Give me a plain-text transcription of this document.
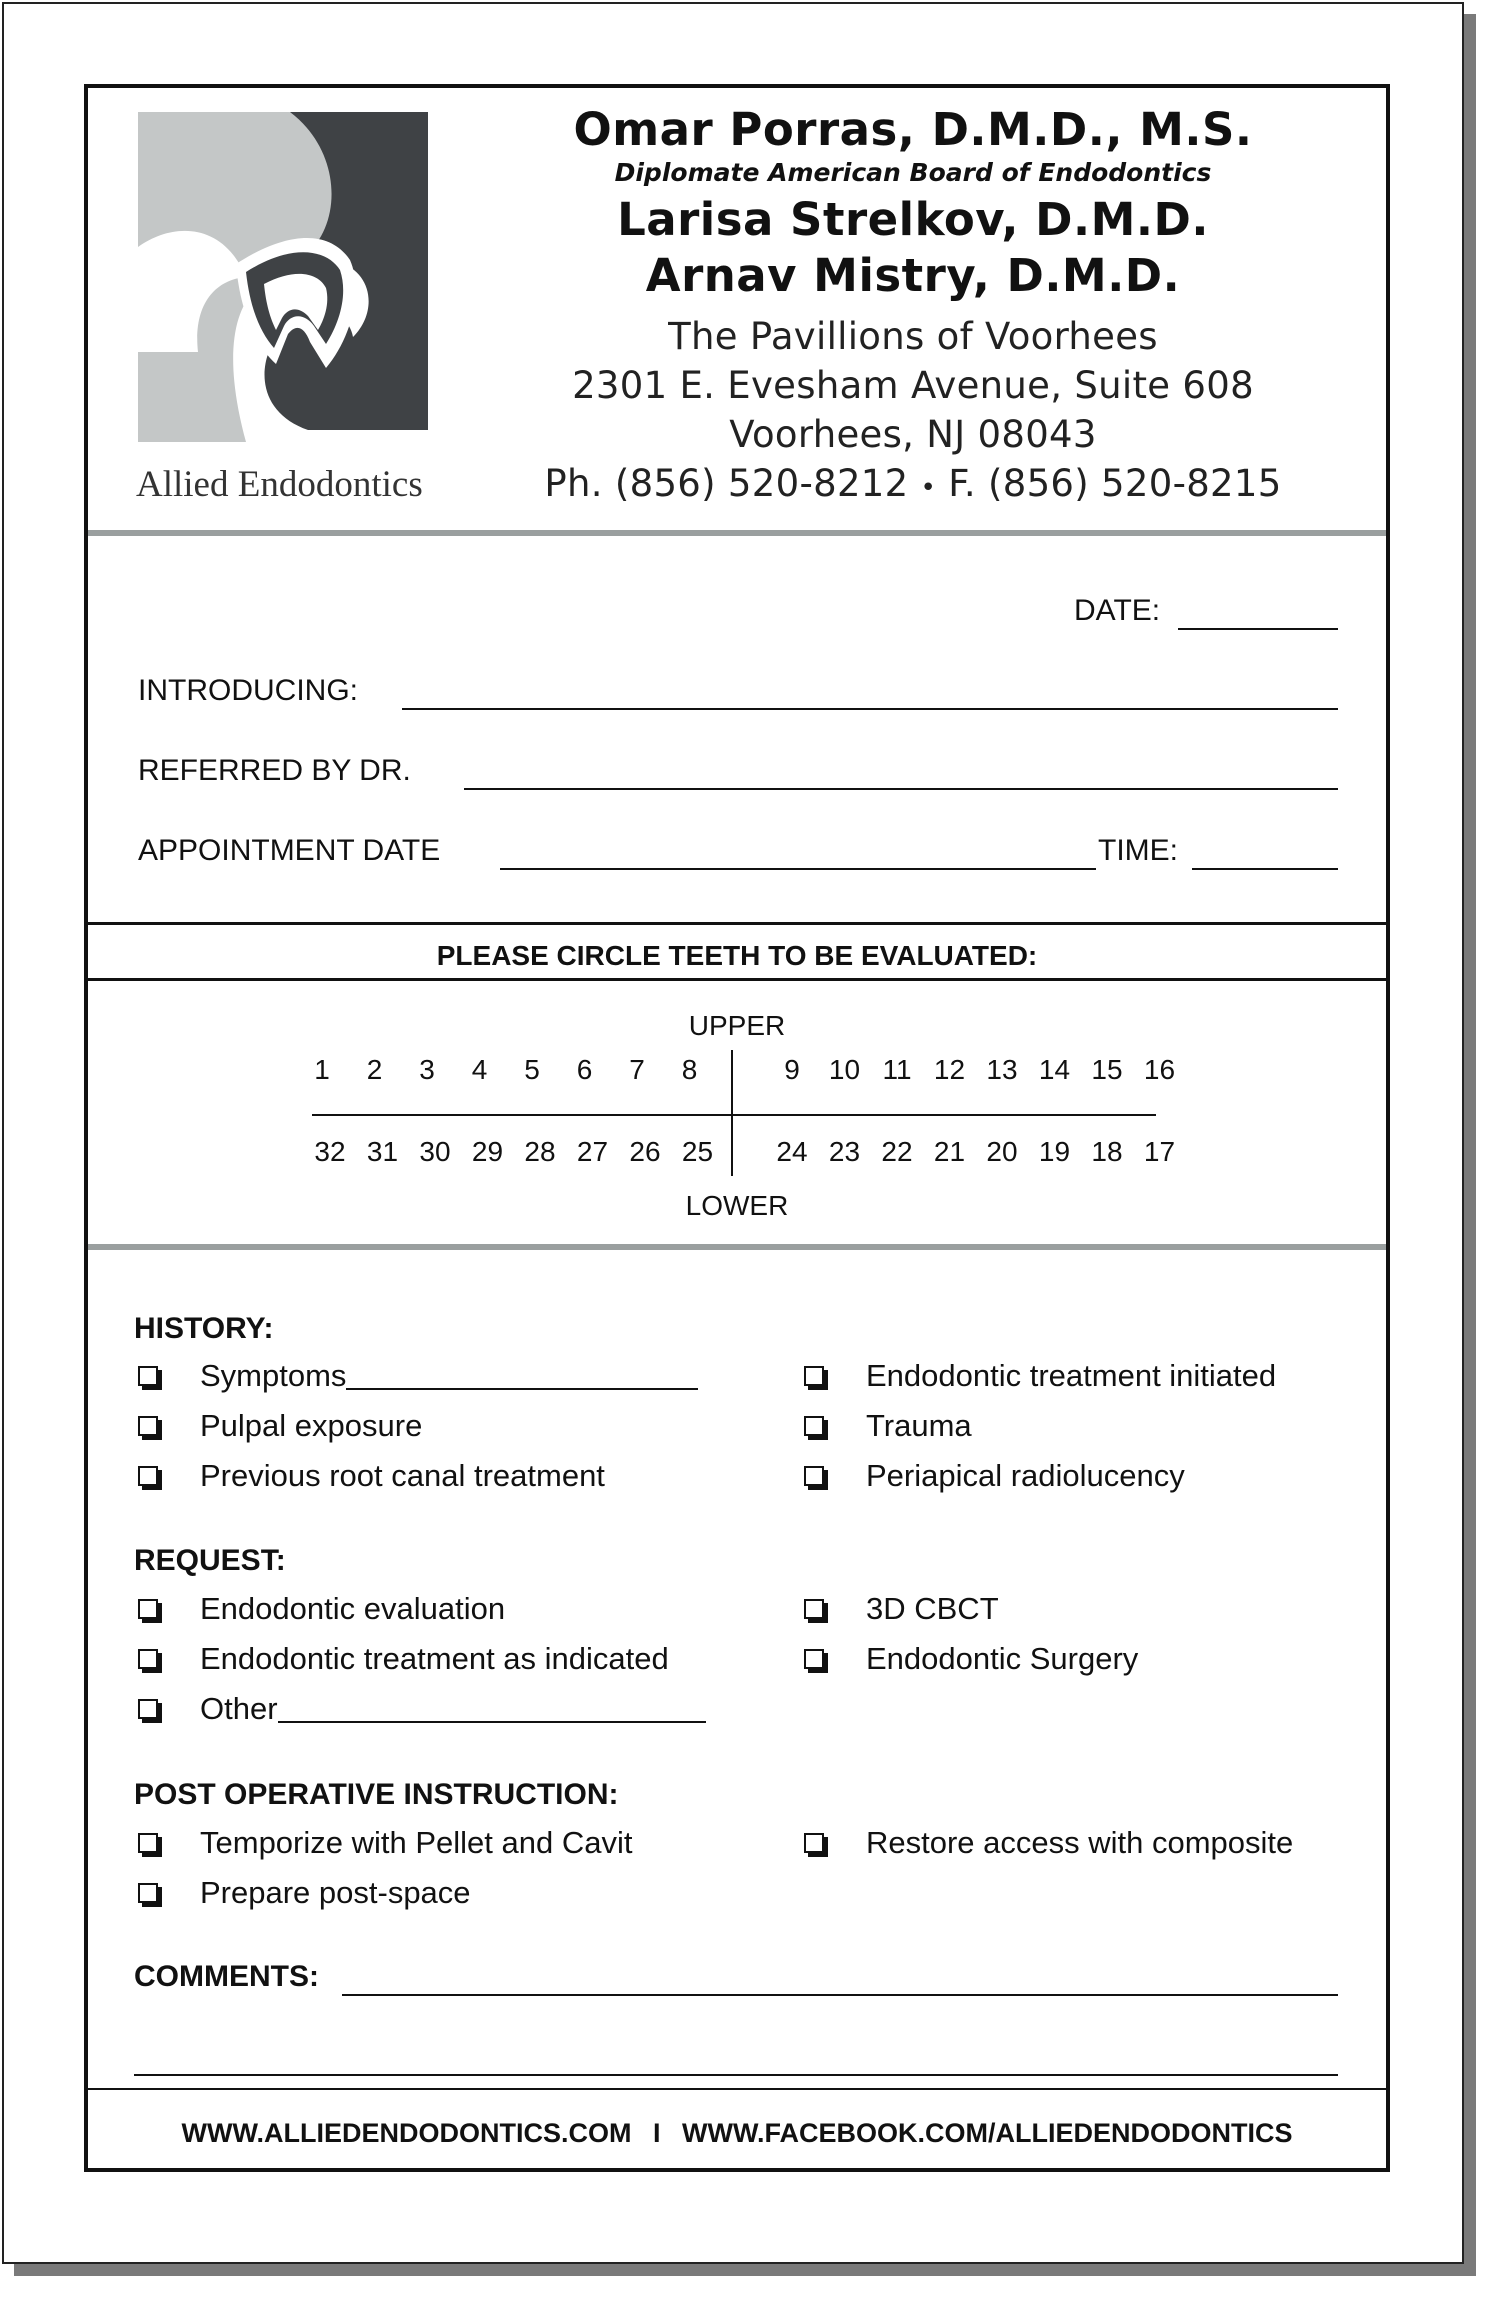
Allied Endodontics
Omar Porras, D.M.D., M.S.
Diplomate American Board of Endodontics
Larisa Strelkov, D.M.D.
Arnav Mistry, D.M.D.
The Pavillions of Voorhees
2301 E. Evesham Avenue, Suite 608
Voorhees, NJ 08043
Ph. (856) 520-8212 • F. (856) 520-8215
DATE:
INTRODUCING:
REFERRED BY DR.
APPOINTMENT DATE	TIME:
PLEASE CIRCLE TEETH TO BE EVALUATED:
UPPER
1	2	3	4	5	6	7	8	9	10 11 12 13 14 15 16
32 31 30 29 28 27 26 25	24 23 22 21 20 19 18 17
LOWER
HISTORY:
Symptoms
Pulpal exposure
Previous root canal treatment
Endodontic treatment initiated
Trauma
Periapical radiolucency
REQUEST:
Endodontic evaluation
Endodontic treatment as indicated
Other
3D CBCT
Endodontic Surgery
POST OPERATIVE INSTRUCTION:
Temporize with Pellet and Cavit
Prepare post-space
Restore access with composite
COMMENTS:
WWW.ALLIEDENDODONTICS.COM I WWW.FACEBOOK.COM/ALLIEDENDODONTICS
